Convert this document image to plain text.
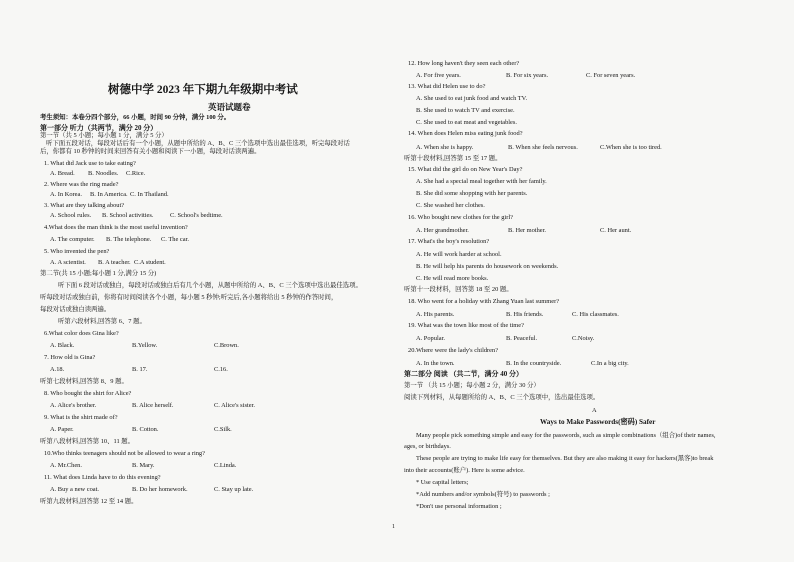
树德中学 2023 年下期九年级期中考试
英语试题卷
考生须知：本卷分四个部分，66 小题，时间 90 分钟，满分 100 分。
第一部分 听力（共两节，满分 20 分）
第一节（共 5 小题；每小题 1 分，满分 5 分）
听下面五段对话，每段对话后有一个小题，从题中所给的 A、B、C 三个选项中选出最佳选项，听完每段对话
后，你都有 10 秒钟的时间来回答有关小题和阅读下一小题，每段对话读两遍。
1. What did Jack use to take eating?
A. Bread. B. Noodles. C.Rice.
2. Where was the ring made?
A. In Korea. B. In America. C. In Thailand.
3. What are they talking about?
A. School rules. B. School activities.	C. School's bedtime.
4.What does the man think is the most useful invention?
A. The computer. B. The telephone. C. The car.
5. Who invented the pen?
A. A scientist. B. A teacher. C.A student.
第二节(共 15 小题;每小题 1 分,满分 15 分)
听下面 6 段对话或独白，每段对话或独白后有几个小题，从题中所给的 A、B、C 三个选项中选出最佳选项。
听每段对话或独白前，你将有时间阅读各个小题，每小题 5 秒钟;听完后,各小题将给出 5 秒钟的作答时间，
每段对话或独白读两遍。
听第六段材料,回答第 6、7 题。
6.What color does Gina like?
A. Black.	B.Yellow.	C.Brown.
7. How old is Gina?
A.18.	B. 17.	C.16.
听第七段材料,回答第 8、9 题。
8. Who bought the shirt for Alice?
A. Alice's brother.	B. Alice herself.	C. Alice's sister.
9. What is the shirt made of?
A. Paper.	B. Cotton.	C.Silk.
听第八段材料,回答第 10、11 题。
10.Who thinks teenagers should not be allowed to wear a ring?
A. Mr.Chen.	B. Mary.	C.Linda.
11. What does Linda have to do this evening?
A. Buy a new coat.	B. Do her homework.	C. Stay up late.
听第九段材料,回答第 12 至 14 题。
1
12. How long haven't they seen each other?
A. For five years.	B. For six years.	C. For seven years.
13. What did Helen use to do?
A. She used to eat junk food and watch TV.
B. She used to watch TV and exercise.
C. She used to eat meat and vegetables.
14. When does Helen miss eating junk food?
A. When she is happy.	B. When she feels nervous.	C.When she is too tired.
听第十段材料,回答第 15 至 17 题。
15. What did the girl do on New Year's Day?
A. She had a special meal together with her family.
B. She did some shopping with her parents.
C. She washed her clothes.
16. Who bought new clothes for the girl?
A. Her grandmother.	B. Her mother.	C. Her aunt.
17. What's the boy's resolution?
A. He will work harder at school.
B. He will help his parents do housework on weekends.
C. He will read more books.
听第十一段材料，回答第 18 至 20 题。
18. Who went for a holiday with Zhang Yuan last summer?
A. His parents.	B. His friends.	C. His classmates.
19. What was the town like most of the time?
A. Popular.	B. Peaceful.	C.Noisy.
20.Where were the lady's children?
A. In the town.	B. In the countryside.	C.In a big city.
第二部分 阅读 （共二节，满分 40 分）
第一节 （共 15 小题；每小题 2 分，满分 30 分）
阅读下列材料，从每题所给的 A、B、C 三个选项中，选出最佳选项。
A
Ways to Make Passwords(密码) Safer
Many people pick something simple and easy for the passwords, such as simple combinations（组合)of their names,
ages, or birthdays.
These people are trying to make life easy for themselves. But they are also making it easy for hackers(黑客)to break
into their accounts(账户). Here is some advice.
* Use capital letters;
*Add numbers and/or symbols(符号) to passwords ;
*Don't use personal information ;
